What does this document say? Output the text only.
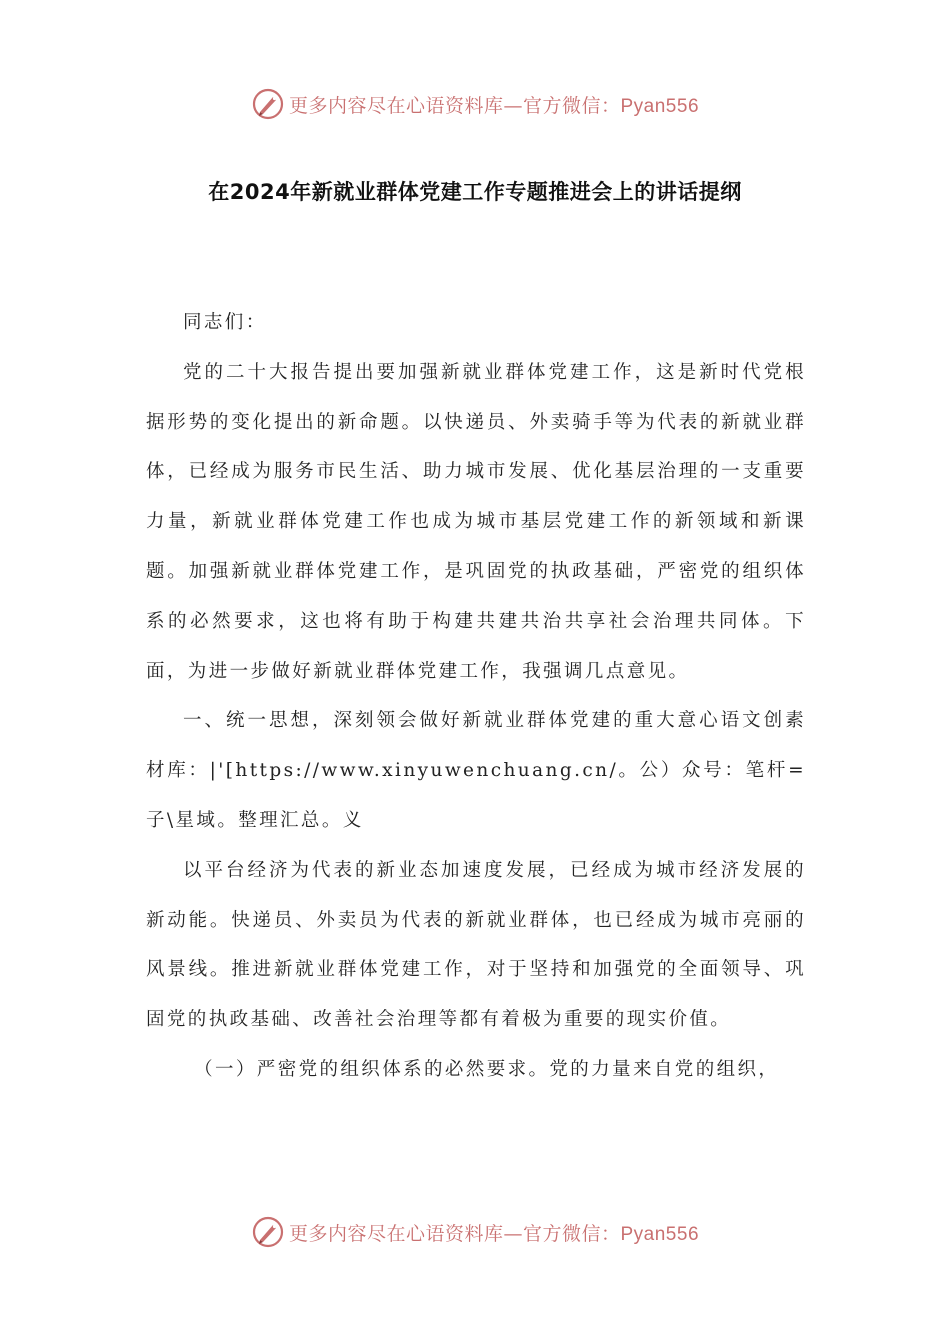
更多内容尽在心语资料库—官方微信：Pyan556
在2024年新就业群体党建工作专题推进会上的讲话提纲

同志们：

党的二十大报告提出要加强新就业群体党建工作，这是新时代党根据形势的变化提出的新命题。以快递员、外卖骑手等为代表的新就业群体，已经成为服务市民生活、助力城市发展、优化基层治理的一支重要力量，新就业群体党建工作也成为城市基层党建工作的新领域和新课题。加强新就业群体党建工作，是巩固党的执政基础，严密党的组织体系的必然要求，这也将有助于构建共建共治共享社会治理共同体。下面，为进一步做好新就业群体党建工作，我强调几点意见。

一、统一思想，深刻领会做好新就业群体党建的重大意心语文创素材库：|'[https://www.xinyuwenchuang.cn/。公）众号：笔杆=子\星域。整理汇总。义

以平台经济为代表的新业态加速度发展，已经成为城市经济发展的新动能。快递员、外卖员为代表的新就业群体，也已经成为城市亮丽的风景线。推进新就业群体党建工作，对于坚持和加强党的全面领导、巩固党的执政基础、改善社会治理等都有着极为重要的现实价值。

（一）严密党的组织体系的必然要求。党的力量来自党的组织，

更多内容尽在心语资料库—官方微信：Pyan556
